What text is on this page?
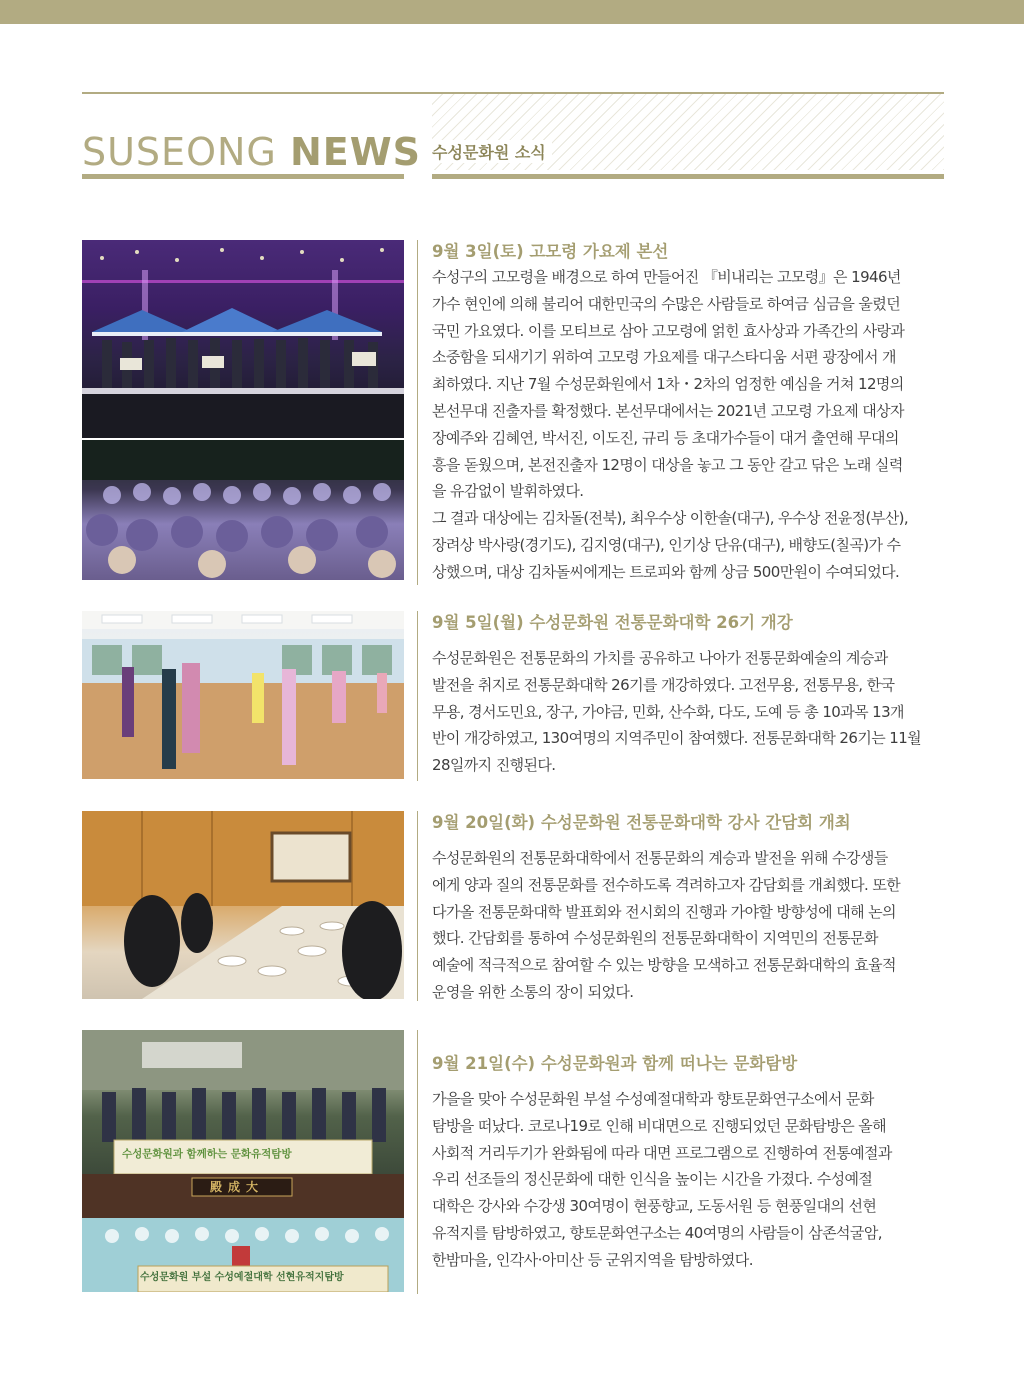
SUSEONG NEWS 수성문화원 소식
9월 3일(토) 고모령 가요제 본선

수성구의 고모령을 배경으로 하여 만들어진 『비내리는 고모령』은 1946년
가수 현인에 의해 불리어 대한민국의 수많은 사람들로 하여금 심금을 울렸던
국민 가요였다. 이를 모티브로 삼아 고모령에 얽힌 효사상과 가족간의 사랑과
소중함을 되새기기 위하여 고모령 가요제를 대구스타디움 서편 광장에서 개
최하였다. 지난 7월 수성문화원에서 1차・2차의 엄정한 예심을 거쳐 12명의
본선무대 진출자를 확정했다. 본선무대에서는 2021년 고모령 가요제 대상자
장예주와 김혜연, 박서진, 이도진, 규리 등 초대가수들이 대거 출연해 무대의
흥을 돋웠으며, 본전진출자 12명이 대상을 놓고 그 동안 갈고 닦은 노래 실력
을 유감없이 발휘하였다.
그 결과 대상에는 김차돌(전북), 최우수상 이한솔(대구), 우수상 전윤정(부산),
장려상 박사랑(경기도), 김지영(대구), 인기상 단유(대구), 배향도(칠곡)가 수
상했으며, 대상 김차돌씨에게는 트로피와 함께 상금 500만원이 수여되었다.

9월 5일(월) 수성문화원 전통문화대학 26기 개강

수성문화원은 전통문화의 가치를 공유하고 나아가 전통문화예술의 계승과
발전을 취지로 전통문화대학 26기를 개강하였다. 고전무용, 전통무용, 한국
무용, 경서도민요, 장구, 가야금, 민화, 산수화, 다도, 도예 등 총 10과목 13개
반이 개강하였고, 130여명의 지역주민이 참여했다. 전통문화대학 26기는 11월
28일까지 진행된다.

9월 20일(화) 수성문화원 전통문화대학 강사 간담회 개최

수성문화원의 전통문화대학에서 전통문화의 계승과 발전을 위해 수강생들
에게 양과 질의 전통문화를 전수하도록 격려하고자 감담회를 개최했다. 또한
다가올 전통문화대학 발표회와 전시회의 진행과 가야할 방향성에 대해 논의
했다. 간담회를 통하여 수성문화원의 전통문화대학이 지역민의 전통문화
예술에 적극적으로 참여할 수 있는 방향을 모색하고 전통문화대학의 효율적
운영을 위한 소통의 장이 되었다.

수성문화원과 함께하는 문화유적탐방
수성문화원 부설 수성예절대학 선현유적지탐방
殿成大
9월 21일(수) 수성문화원과 함께 떠나는 문화탐방

가을을 맞아 수성문화원 부설 수성예절대학과 향토문화연구소에서 문화
탐방을 떠났다. 코로나19로 인해 비대면으로 진행되었던 문화탐방은 올해
사회적 거리두기가 완화됨에 따라 대면 프로그램으로 진행하여 전통예절과
우리 선조들의 정신문화에 대한 인식을 높이는 시간을 가졌다. 수성예절
대학은 강사와 수강생 30여명이 현풍향교, 도동서원 등 현풍일대의 선현
유적지를 탐방하였고, 향토문화연구소는 40여명의 사람들이 삼존석굴암,
한밤마을, 인각사·아미산 등 군위지역을 탐방하였다.
